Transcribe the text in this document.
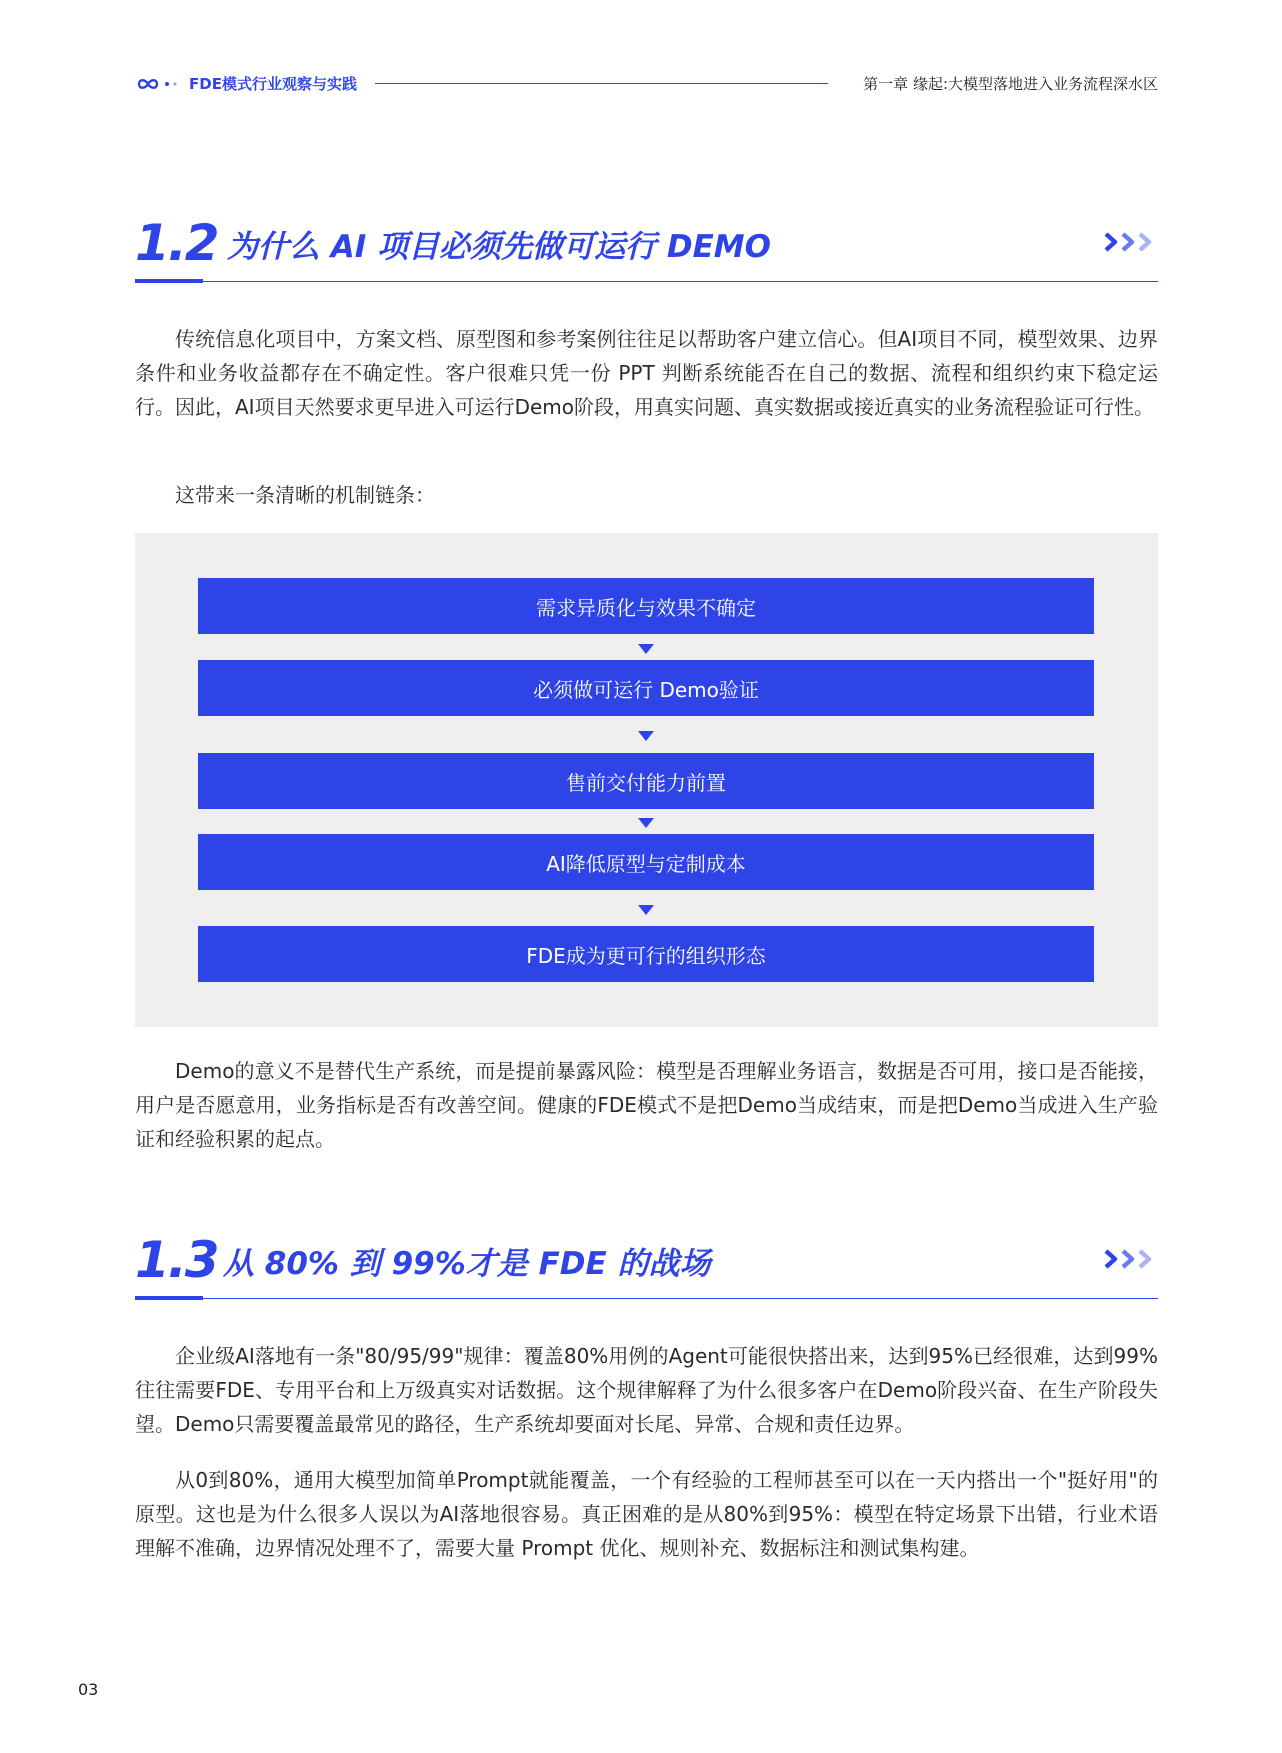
FDE模式行业观察与实践	第一章 缘起:大模型落地进入业务流程深水区
1.2 为什么 AI 项目必须先做可运行 DEMO

传统信息化项目中，方案文档、原型图和参考案例往往足以帮助客户建立信心。但AI项目不同，模型效果、边界条件和业务收益都存在不确定性。客户很难只凭一份 PPT 判断系统能否在自己的数据、流程和组织约束下稳定运行。因此，AI项目天然要求更早进入可运行Demo阶段，用真实问题、真实数据或接近真实的业务流程验证可行性。

这带来一条清晰的机制链条：

需求异质化与效果不确定
必须做可运行 Demo验证
售前交付能力前置
AI降低原型与定制成本
FDE成为更可行的组织形态

Demo的意义不是替代生产系统，而是提前暴露风险：模型是否理解业务语言，数据是否可用，接口是否能接，用户是否愿意用，业务指标是否有改善空间。健康的FDE模式不是把Demo当成结束，而是把Demo当成进入生产验证和经验积累的起点。

1.3 从 80% 到 99%才是 FDE 的战场

企业级AI落地有一条"80/95/99"规律：覆盖80%用例的Agent可能很快搭出来，达到95%已经很难，达到99%往往需要FDE、专用平台和上万级真实对话数据。这个规律解释了为什么很多客户在Demo阶段兴奋、在生产阶段失望。Demo只需要覆盖最常见的路径，生产系统却要面对长尾、异常、合规和责任边界。

从0到80%，通用大模型加简单Prompt就能覆盖，一个有经验的工程师甚至可以在一天内搭出一个"挺好用"的原型。这也是为什么很多人误以为AI落地很容易。真正困难的是从80%到95%：模型在特定场景下出错，行业术语理解不准确，边界情况处理不了，需要大量 Prompt 优化、规则补充、数据标注和测试集构建。

03
